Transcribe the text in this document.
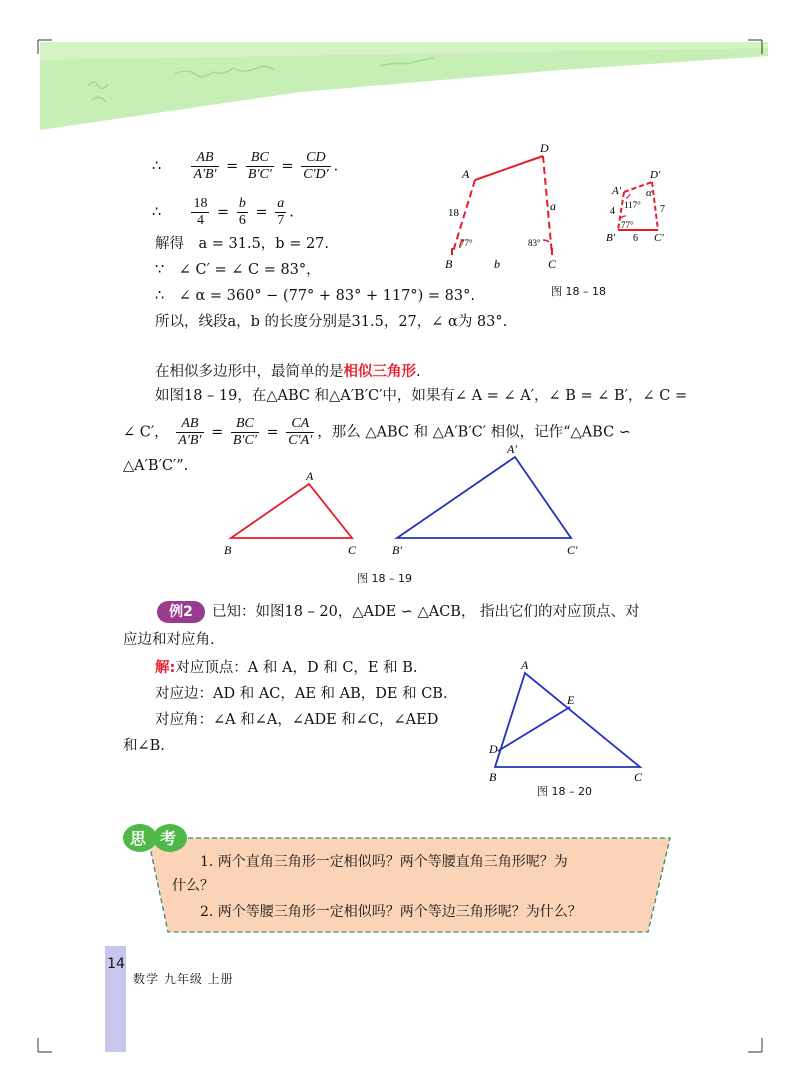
∴ $\frac{AB}{A'B'} = \frac{BC}{B'C'} = \frac{CD}{C'D'}$ .
∴ $\frac{18}{4} = \frac{b}{6} = \frac{a}{7}$ .
解得　a = 31.5，b = 27.
∵　∠ C′ = ∠ C = 83°，
∴　∠ α = 360° − (77° + 83° + 117°) = 83°.
所以，线段a，b 的长度分别是31.5，27，∠ α为 83°.
A
D
B	C
18	a
b
77°	83°
A′
D′
B′	C′
4	7
6
117°
77°
α
图 18 – 18
在相似多边形中，最简单的是相似三角形.
如图18 – 19，在△ABC 和△A′B′C′中，如果有∠ A = ∠ A′，∠ B = ∠ B′，∠ C =
∠ C′， $\frac{AB}{A'B'} = \frac{BC}{B'C'} = \frac{CA}{C'A'}$ ，那么 △ABC 和 △A′B′C′ 相似，记作“△ABC ∽
△A′B′C′”.
A
B	C
A′
B′	C′
图 18 – 19
例2	已知：如图18 – 20，△ADE ∽ △ACB， 指出它们的对应顶点、对
应边和对应角.
解:对应顶点：A 和 A，D 和 C，E 和 B.
对应边：AD 和 AC，AE 和 AB，DE 和 CB.
对应角：∠A 和∠A，∠ADE 和∠C，∠AED
和∠B.
A
B	C
D
E
图 18 – 20
思 考
1. 两个直角三角形一定相似吗？两个等腰直角三角形呢？为
什么？
2. 两个等腰三角形一定相似吗？两个等边三角形呢？为什么？
14
数学 九年级 上册
